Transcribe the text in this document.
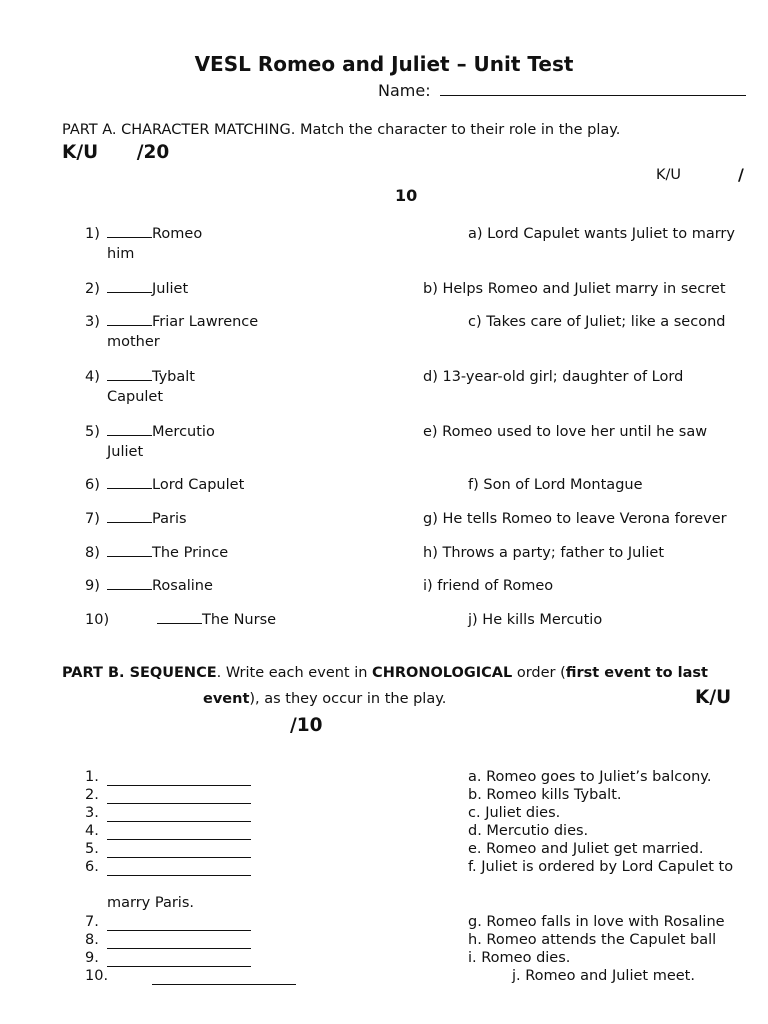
VESL Romeo and Juliet – Unit Test
Name:
PART A. CHARACTER MATCHING. Match the character to their role in the play.
K/U      /20
K/U	/
10
1)	Romeo
2)	Juliet
3)	Friar Lawrence
4)	Tybalt
5)	Mercutio
6)	Lord Capulet
7)	Paris
8)	The Prince
9)	Rosaline
10)	The Nurse
a) Lord Capulet wants Juliet to marry
him
b) Helps Romeo and Juliet marry in secret
c) Takes care of Juliet; like a second
mother
d) 13-year-old girl; daughter of Lord
Capulet
e) Romeo used to love her until he saw
Juliet
f) Son of Lord Montague
g) He tells Romeo to leave Verona forever
h) Throws a party; father to Juliet
i) friend of Romeo
j) He kills Mercutio
PART B. SEQUENCE. Write each event in CHRONOLOGICAL order (first event to last
event), as they occur in the play.	K/U
/10
1.
2.
3.
4.
5.
6.
7.
8.
9.
10.
a. Romeo goes to Juliet’s balcony.
b. Romeo kills Tybalt.
c. Juliet dies.
d. Mercutio dies.
e. Romeo and Juliet get married.
f. Juliet is ordered by Lord Capulet to
marry Paris.
g. Romeo falls in love with Rosaline
h. Romeo attends the Capulet ball
i. Romeo dies.
j. Romeo and Juliet meet.
